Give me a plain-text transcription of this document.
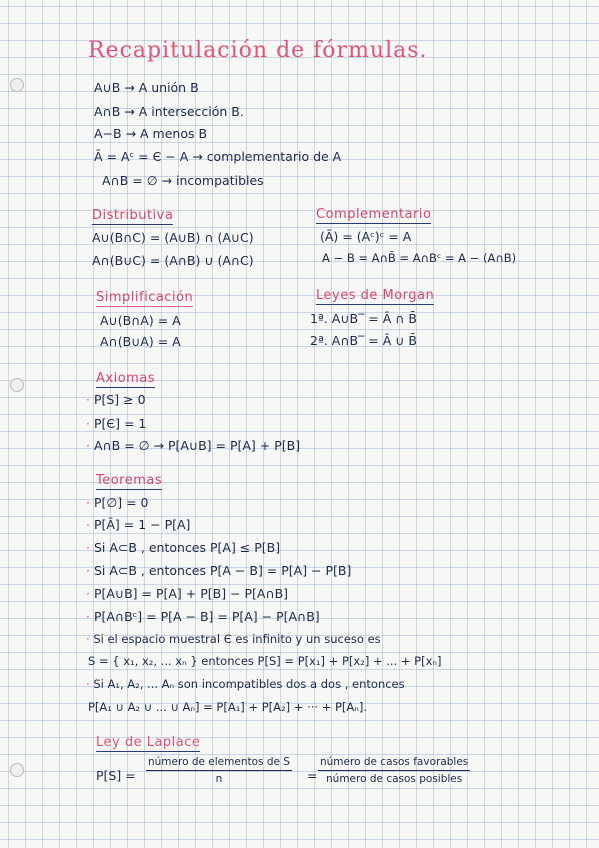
Recapitulación de fórmulas.
A∪B → A unión B
A∩B → A intersección B.
A−B → A menos B
Ā = Aᶜ = Є − A → complementario de A
A∩B = ∅ → incompatibles
Distributiva
A∪(B∩C) = (A∪B) ∩ (A∪C)
A∩(B∪C) = (A∩B) ∪ (A∩C)
Complementario
(Ā) = (Aᶜ)ᶜ = A
A − B = A∩B̄ = A∩Bᶜ = A − (A∩B)
Simplificación
A∪(B∩A) = A
A∩(B∪A) = A
Leyes de Morgan
1ª. A∪B‾ = Ā ∩ B̄
2ª. A∩B‾ = Ā ∪ B̄
Axiomas
· P[S] ≥ 0
· P[Є] = 1
· A∩B = ∅ → P[A∪B] = P[A] + P[B]
Teoremas
· P[∅] = 0
· P[Ā] = 1 − P[A]
· Si A⊂B , entonces P[A] ≤ P[B]
· Si A⊂B , entonces P[A − B] = P[A] − P[B]
· P[A∪B] = P[A] + P[B] − P[A∩B]
· P[A∩Bᶜ] = P[A − B] = P[A] − P[A∩B]
· Si el espacio muestral Є es infinito y un suceso es
S = { x₁, x₂, ... xₙ } entonces P[S] = P[x₁] + P[x₂] + ... + P[xₙ]
· Si A₁, A₂, ... Aₙ son incompatibles dos a dos , entonces
P[A₁ ∪ A₂ ∪ ... ∪ Aₙ] = P[A₁] + P[A₂] + ··· + P[Aₙ].
Ley de Laplace
P[S] =
número de elementos de S
n	=
número de casos favorables
número de casos posibles
